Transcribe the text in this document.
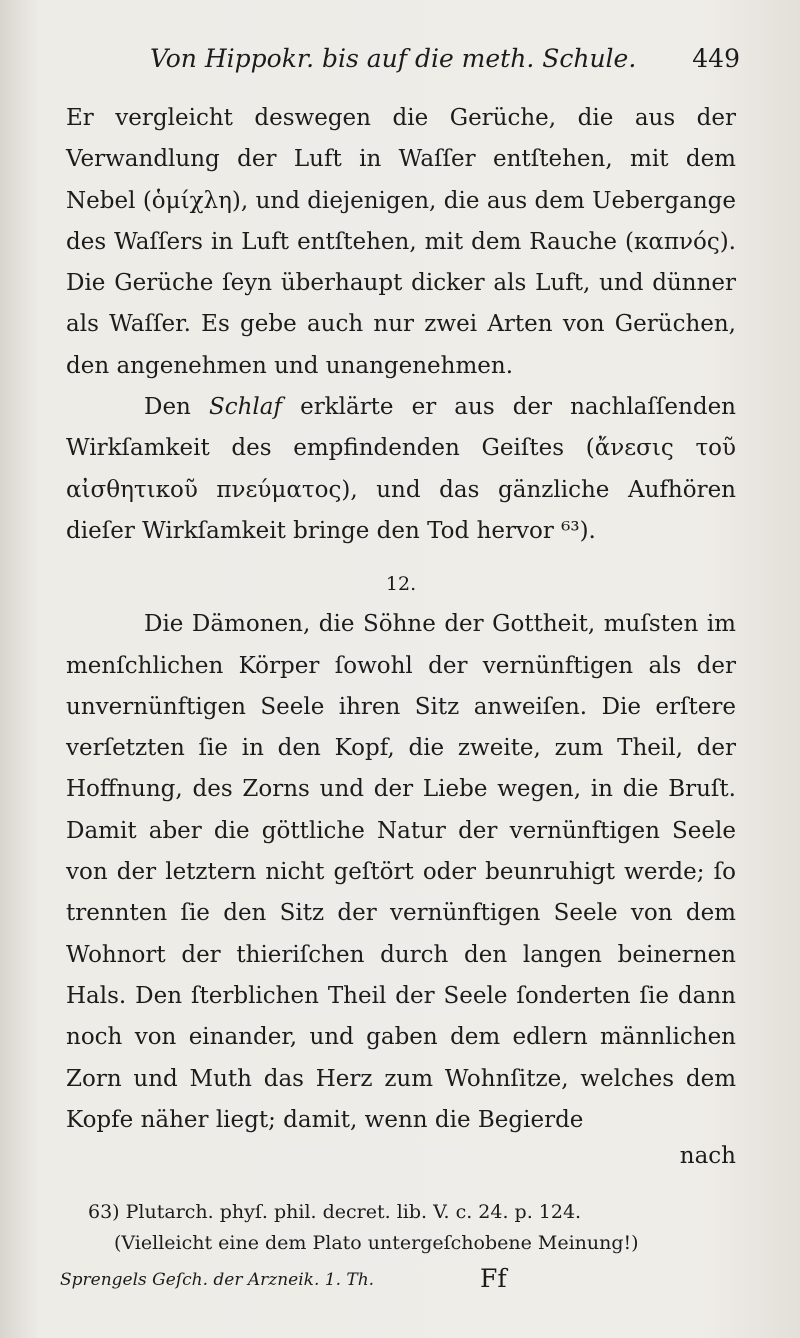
Von Hippokr. bis auf die meth. Schule. 449

Er vergleicht deswegen die Gerüche, die aus der Verwandlung der Luft in Waſſer entſtehen, mit dem Nebel (ὁμίχλη), und diejenigen, die aus dem Uebergange des Waſſers in Luft entſtehen, mit dem Rauche (καπνός). Die Gerüche ſeyn überhaupt dicker als Luft, und dünner als Waſſer. Es gebe auch nur zwei Arten von Gerüchen, den angenehmen und unangenehmen.

Den Schlaf erklärte er aus der nachlaſſenden Wirkſamkeit des empfindenden Geiſtes (ἄνεσις τοῦ αἰσθητικοῦ πνεύματος), und das gänzliche Aufhören dieſer Wirkſamkeit bringe den Tod hervor ⁶³).

12.

Die Dämonen, die Söhne der Gottheit, muſsten im menſchlichen Körper ſowohl der vernünftigen als der unvernünftigen Seele ihren Sitz anweiſen. Die erſtere verſetzten ſie in den Kopf, die zweite, zum Theil, der Hoffnung, des Zorns und der Liebe wegen, in die Bruſt. Damit aber die göttliche Natur der vernünftigen Seele von der letztern nicht geſtört oder beunruhigt werde; ſo trennten ſie den Sitz der vernünftigen Seele von dem Wohnort der thieriſchen durch den langen beinernen Hals. Den ſterblichen Theil der Seele ſonderten ſie dann noch von einander, und gaben dem edlern männlichen Zorn und Muth das Herz zum Wohnſitze, welches dem Kopfe näher liegt; damit, wenn die Begierde

nach
63) Plutarch. phyſ. phil. decret. lib. V. c. 24. p. 124.
(Vielleicht eine dem Plato untergeſchobene Meinung!)
Sprengels Geſch. der Arzneik. 1. Th.	Ff
